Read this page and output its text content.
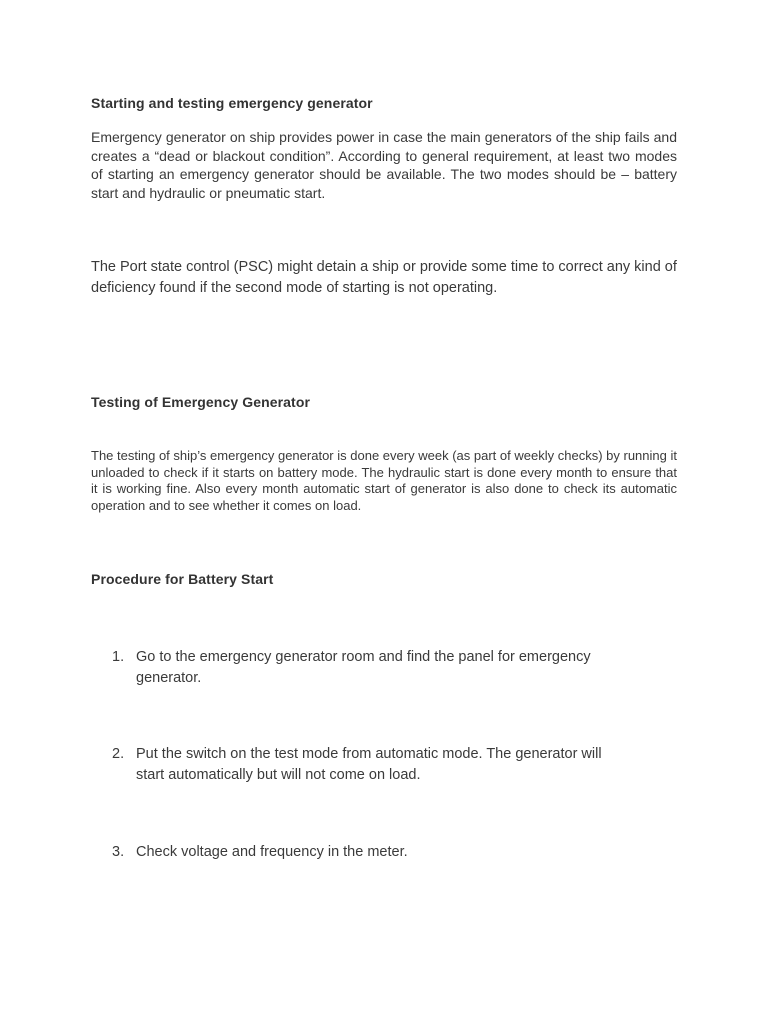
Starting and testing emergency generator

Emergency generator on ship provides power in case the main generators of the ship fails and creates a “dead or blackout condition”. According to general requirement, at least two modes of starting an emergency generator should be available. The two modes should be – battery start and hydraulic or pneumatic start.

The Port state control (PSC) might detain a ship or provide some time to correct any kind of deficiency found if the second mode of starting is not operating.

Testing of Emergency Generator

The testing of ship’s emergency generator is done every week (as part of weekly checks) by running it unloaded to check if it starts on battery mode. The hydraulic start is done every month to ensure that it is working fine. Also every month automatic start of generator is also done to check its automatic operation and to see whether it comes on load.

Procedure for Battery Start
1. Go to the emergency generator room and find the panel for emergency generator.
2. Put the switch on the test mode from automatic mode. The generator will start automatically but will not come on load.
3. Check voltage and frequency in the meter.
